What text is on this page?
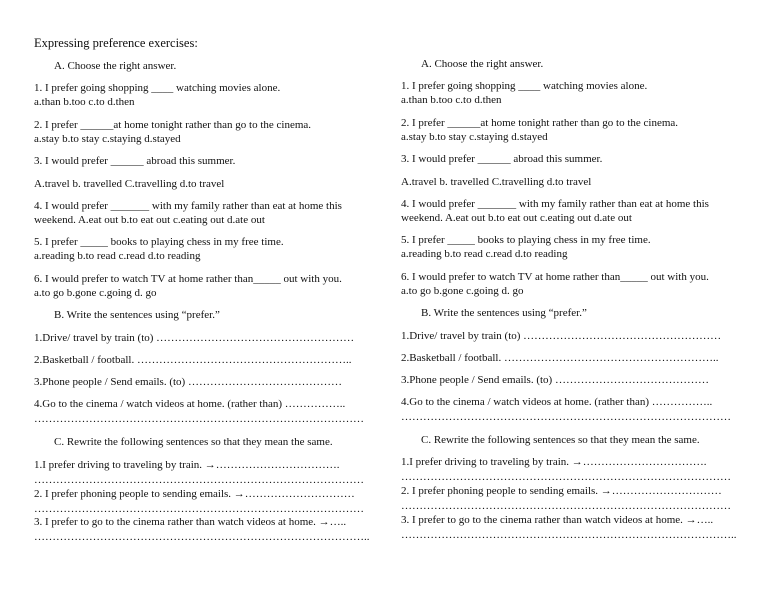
Expressing preference exercises:
A. Choose the right answer.
1. I prefer going shopping ____ watching movies alone.
a.than b.too c.to d.then
2. I prefer ______at home tonight rather than go to the cinema.
a.stay b.to stay c.staying d.stayed
3. I would prefer ______ abroad this summer.
A.travel b. travelled C.travelling d.to travel
4. I would prefer _______ with my family rather than eat at home this
weekend. A.eat out b.to eat out c.eating out d.ate out
5. I prefer _____ books to playing chess in my free time.
a.reading b.to read c.read d.to reading
6. I would prefer to watch TV at home rather than_____ out with you.
a.to go b.gone c.going d. go
B. Write the sentences using “prefer.”
1.Drive/ travel by train (to) ………………………………………………
2.Basketball / football. …………………………………………………..
3.Phone people / Send emails. (to) ……………………………………
4.Go to the cinema / watch videos at home. (rather than) ……………..
………………………………………………………………………………
C. Rewrite the following sentences so that they mean the same.
1.I prefer driving to traveling by train. →…………………………….
………………………………………………………………………………
2. I prefer phoning people to sending emails. →…………………………
………………………………………………………………………………
3. I prefer to go to the cinema rather than watch videos at home. →…..
………………………………………………………………………………..
A. Choose the right answer.
1. I prefer going shopping ____ watching movies alone.
a.than b.too c.to d.then
2. I prefer ______at home tonight rather than go to the cinema.
a.stay b.to stay c.staying d.stayed
3. I would prefer ______ abroad this summer.
A.travel b. travelled C.travelling d.to travel
4. I would prefer _______ with my family rather than eat at home this
weekend. A.eat out b.to eat out c.eating out d.ate out
5. I prefer _____ books to playing chess in my free time.
a.reading b.to read c.read d.to reading
6. I would prefer to watch TV at home rather than_____ out with you.
a.to go b.gone c.going d. go
B. Write the sentences using “prefer.”
1.Drive/ travel by train (to) ………………………………………………
2.Basketball / football. …………………………………………………..
3.Phone people / Send emails. (to) ……………………………………
4.Go to the cinema / watch videos at home. (rather than) ……………..
………………………………………………………………………………
C. Rewrite the following sentences so that they mean the same.
1.I prefer driving to traveling by train. →…………………………….
………………………………………………………………………………
2. I prefer phoning people to sending emails. →…………………………
………………………………………………………………………………
3. I prefer to go to the cinema rather than watch videos at home. →…..
………………………………………………………………………………..
